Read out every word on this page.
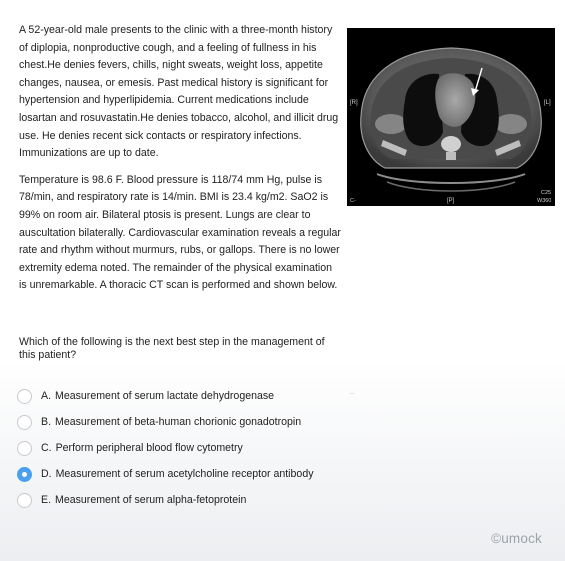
A 52-year-old male presents to the clinic with a three-month history of diplopia, nonproductive cough, and a feeling of fullness in his chest.He denies fevers, chills, night sweats, weight loss, appetite changes, nausea, or emesis. Past medical history is significant for hypertension and hyperlipidemia. Current medications include losartan and rosuvastatin.He denies tobacco, alcohol, and illicit drug use. He denies recent sick contacts or respiratory infections. Immunizations are up to date.

Temperature is 98.6 F. Blood pressure is 118/74 mm Hg, pulse is 78/min, and respiratory rate is 14/min. BMI is 23.4 kg/m2. SaO2 is 99% on room air. Bilateral ptosis is present. Lungs are clear to auscultation bilaterally. Cardiovascular examination reveals a regular rate and rhythm without murmurs, rubs, or gallops. There is no lower extremity edema noted. The remainder of the physical examination is unremarkable. A thoracic CT scan is performed and shown below.

Which of the following is the next best step in the management of this patient?
A. Measurement of serum lactate dehydrogenase
B. Measurement of beta-human chorionic gonadotropin
C. Perform peripheral blood flow cytometry
D. Measurement of serum acetylcholine receptor antibody
E. Measurement of serum alpha-fetoprotein
[R]	[L]
[P]
C-
C25
W360
©umock
